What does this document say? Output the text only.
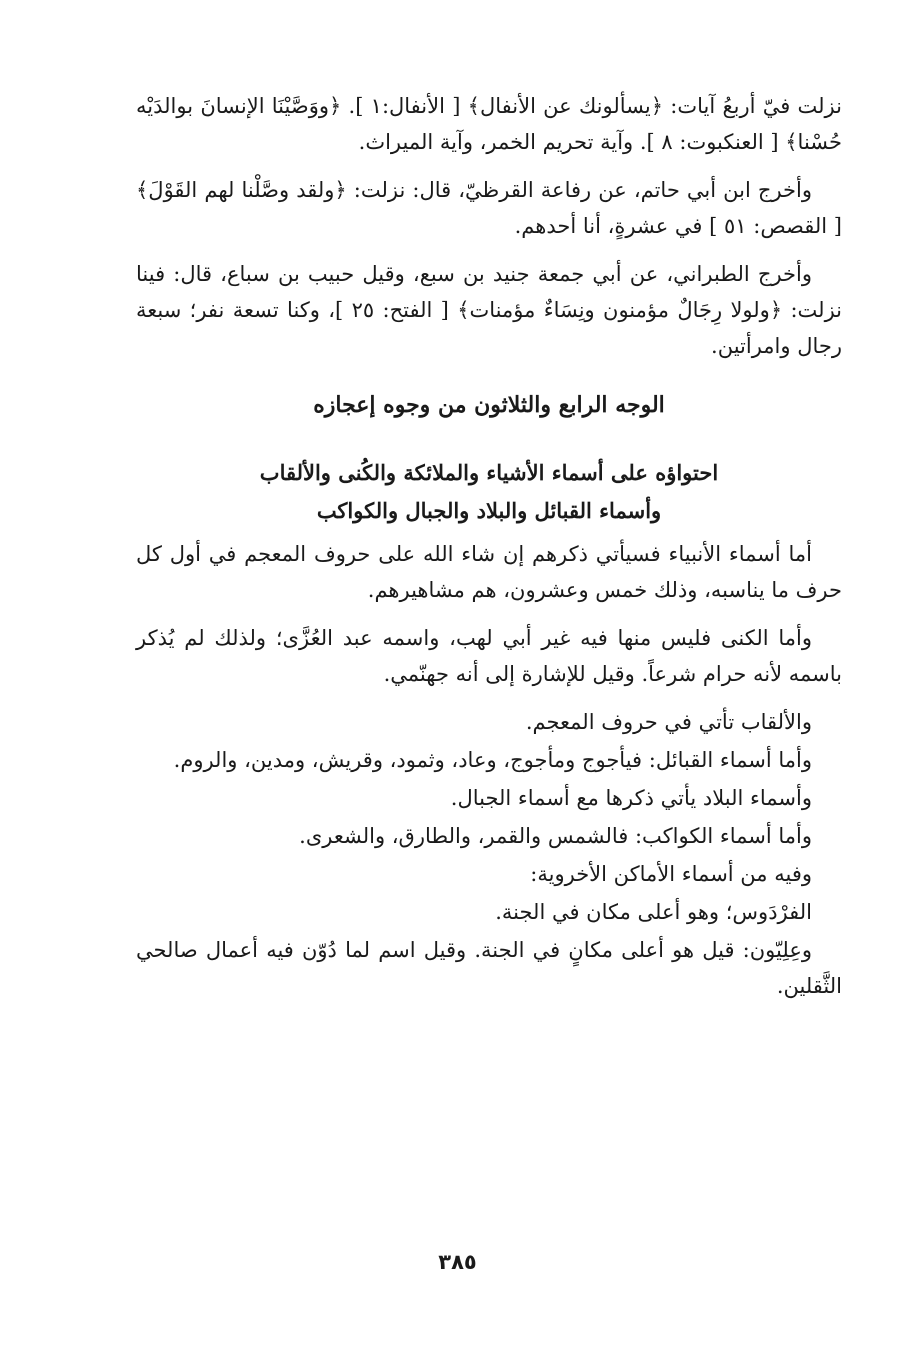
نزلت فيّ أربعُ آيات: ﴿يسألونك عن الأنفال﴾ [ الأنفال:١ ]. ﴿ووَصَّيْنَا الإنسانَ بوالدَيْه حُسْنا﴾ [ العنكبوت: ٨ ]. وآية تحريم الخمر، وآية الميراث.

وأخرج ابن أبي حاتم، عن رفاعة القرظيّ، قال: نزلت: ﴿ولقد وصَّلْنا لهم القَوْلَ﴾ [ القصص: ٥١ ] في عشرةٍ، أنا أحدهم.

وأخرج الطبراني، عن أبي جمعة جنيد بن سبع، وقيل حبيب بن سباع، قال: فينا نزلت: ﴿ولولا رِجَالٌ مؤمنون ونِسَاءٌ مؤمنات﴾ [ الفتح: ٢٥ ]، وكنا تسعة نفر؛ سبعة رجال وامرأتين.

الوجه الرابع والثلاثون من وجوه إعجازه
احتواؤه على أسماء الأشياء والملائكة والكُنى والألقاب
وأسماء القبائل والبلاد والجبال والكواكب

أما أسماء الأنبياء فسيأتي ذكرهم إن شاء الله على حروف المعجم في أول كل حرف ما يناسبه، وذلك خمس وعشرون، هم مشاهيرهم.

وأما الكنى فليس منها فيه غير أبي لهب، واسمه عبد العُزَّى؛ ولذلك لم يُذكر باسمه لأنه حرام شرعاً. وقيل للإشارة إلى أنه جهنّمي.

والألقاب تأتي في حروف المعجم.

وأما أسماء القبائل: فيأجوج ومأجوج، وعاد، وثمود، وقريش، ومدين، والروم.

وأسماء البلاد يأتي ذكرها مع أسماء الجبال.

وأما أسماء الكواكب: فالشمس والقمر، والطارق، والشعرى.

وفيه من أسماء الأماكن الأخروية:

الفرْدَوس؛ وهو أعلى مكان في الجنة.

وعِلِيّون: قيل هو أعلى مكانٍ في الجنة. وقيل اسم لما دُوّن فيه أعمال صالحي الثَّقلين.

٣٨٥
